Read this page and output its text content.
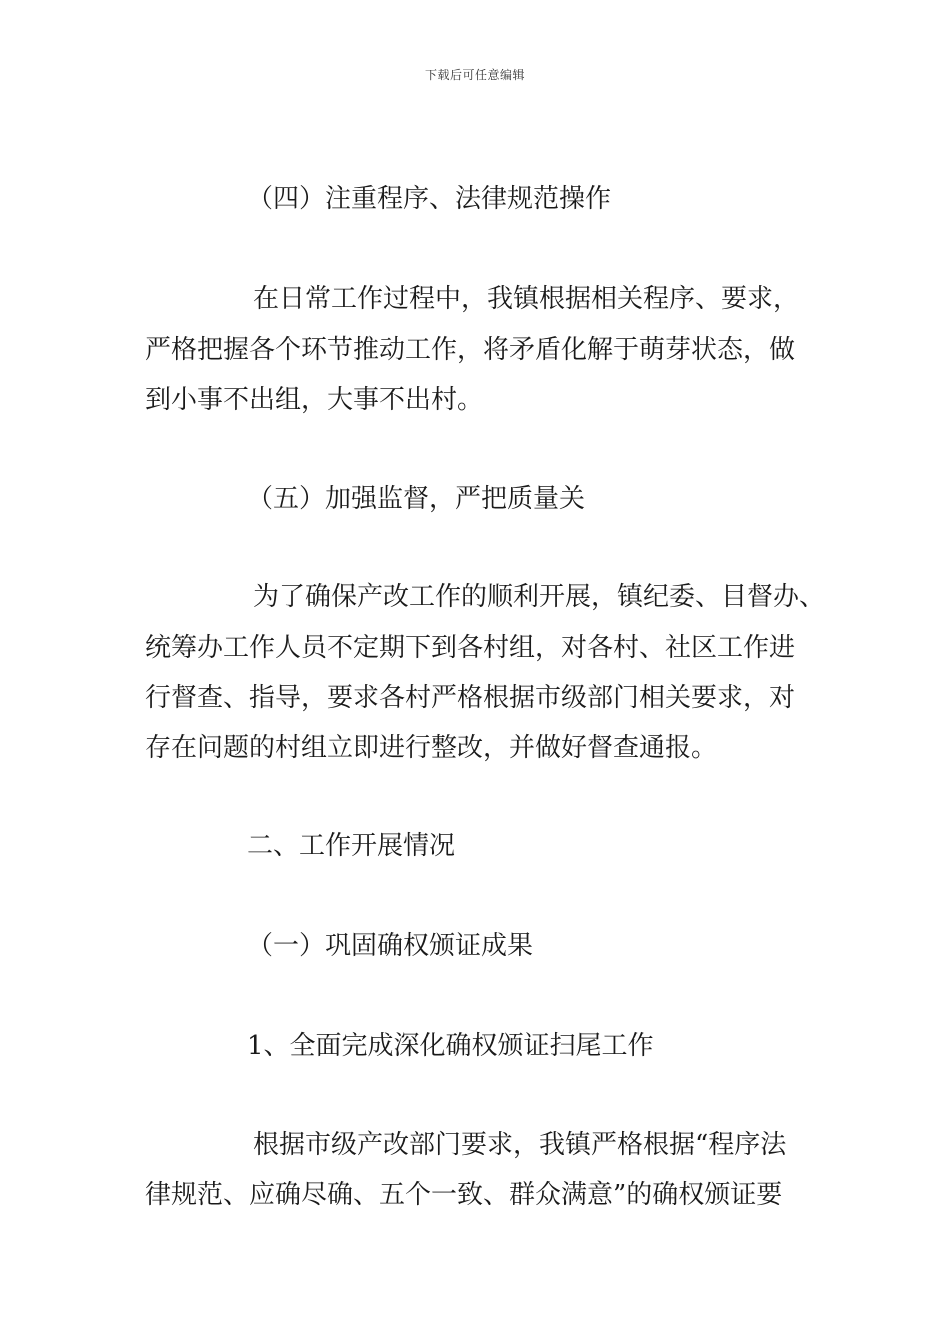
下载后可任意编辑
（四）注重程序、法律规范操作
在日常工作过程中，我镇根据相关程序、要求，
严格把握各个环节推动工作，将矛盾化解于萌芽状态，做
到小事不出组，大事不出村。
（五）加强监督，严把质量关
为了确保产改工作的顺利开展，镇纪委、目督办、
统筹办工作人员不定期下到各村组，对各村、社区工作进
行督查、指导，要求各村严格根据市级部门相关要求，对
存在问题的村组立即进行整改，并做好督查通报。
二、工作开展情况
（一）巩固确权颁证成果
1、全面完成深化确权颁证扫尾工作
根据市级产改部门要求，我镇严格根据“程序法
律规范、应确尽确、五个一致、群众满意”的确权颁证要
